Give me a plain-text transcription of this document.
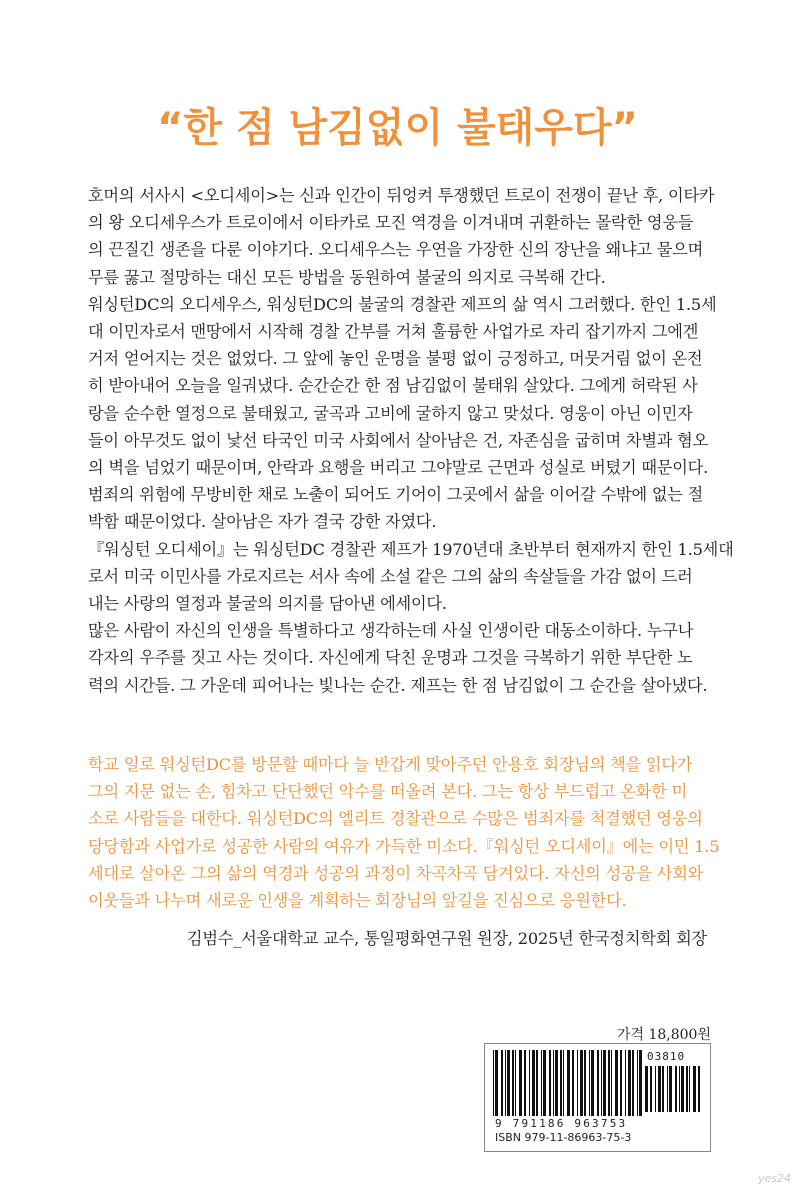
“한 점 남김없이 불태우다”
호머의 서사시 <오디세이>는 신과 인간이 뒤엉켜 투쟁했던 트로이 전쟁이 끝난 후, 이타카
의 왕 오디세우스가 트로이에서 이타카로 모진 역경을 이겨내며 귀환하는 몰락한 영웅들
의 끈질긴 생존을 다룬 이야기다. 오디세우스는 우연을 가장한 신의 장난을 왜냐고 물으며
무릎 꿇고 절망하는 대신 모든 방법을 동원하여 불굴의 의지로 극복해 간다.
워싱턴DC의 오디세우스, 워싱턴DC의 불굴의 경찰관 제프의 삶 역시 그러했다. 한인 1.5세
대 이민자로서 맨땅에서 시작해 경찰 간부를 거쳐 훌륭한 사업가로 자리 잡기까지 그에겐
거저 얻어지는 것은 없었다. 그 앞에 놓인 운명을 불평 없이 긍정하고, 머뭇거림 없이 온전
히 받아내어 오늘을 일궈냈다. 순간순간 한 점 남김없이 불태워 살았다. 그에게 허락된 사
랑을 순수한 열정으로 불태웠고, 굴곡과 고비에 굴하지 않고 맞섰다. 영웅이 아닌 이민자
들이 아무것도 없이 낯선 타국인 미국 사회에서 살아남은 건, 자존심을 굽히며 차별과 혐오
의 벽을 넘었기 때문이며, 안락과 요행을 버리고 그야말로 근면과 성실로 버텼기 때문이다.
범죄의 위험에 무방비한 채로 노출이 되어도 기어이 그곳에서 삶을 이어갈 수밖에 없는 절
박함 때문이었다. 살아남은 자가 결국 강한 자였다.
『워싱턴 오디세이』는 워싱턴DC 경찰관 제프가 1970년대 초반부터 현재까지 한인 1.5세대
로서 미국 이민사를 가로지르는 서사 속에 소설 같은 그의 삶의 속살들을 가감 없이 드러
내는 사랑의 열정과 불굴의 의지를 담아낸 에세이다.
많은 사람이 자신의 인생을 특별하다고 생각하는데 사실 인생이란 대동소이하다. 누구나
각자의 우주를 짓고 사는 것이다. 자신에게 닥친 운명과 그것을 극복하기 위한 부단한 노
력의 시간들. 그 가운데 피어나는 빛나는 순간. 제프는 한 점 남김없이 그 순간을 살아냈다.
학교 일로 워싱턴DC를 방문할 때마다 늘 반갑게 맞아주던 안용호 회장님의 책을 읽다가
그의 지문 없는 손, 힘차고 단단했던 악수를 떠올려 본다. 그는 항상 부드럽고 온화한 미
소로 사람들을 대한다. 워싱턴DC의 엘리트 경찰관으로 수많은 범죄자를 척결했던 영웅의
당당함과 사업가로 성공한 사람의 여유가 가득한 미소다.『워싱턴 오디세이』에는 이민 1.5
세대로 살아온 그의 삶의 역경과 성공의 과정이 차곡차곡 담겨있다. 자신의 성공을 사회와
이웃들과 나누며 새로운 인생을 계획하는 회장님의 앞길을 진심으로 응원한다.
김범수_서울대학교 교수, 통일평화연구원 원장, 2025년 한국정치학회 회장
가격 18,800원
03810
9 791186 963753
ISBN 979-11-86963-75-3
yes24
